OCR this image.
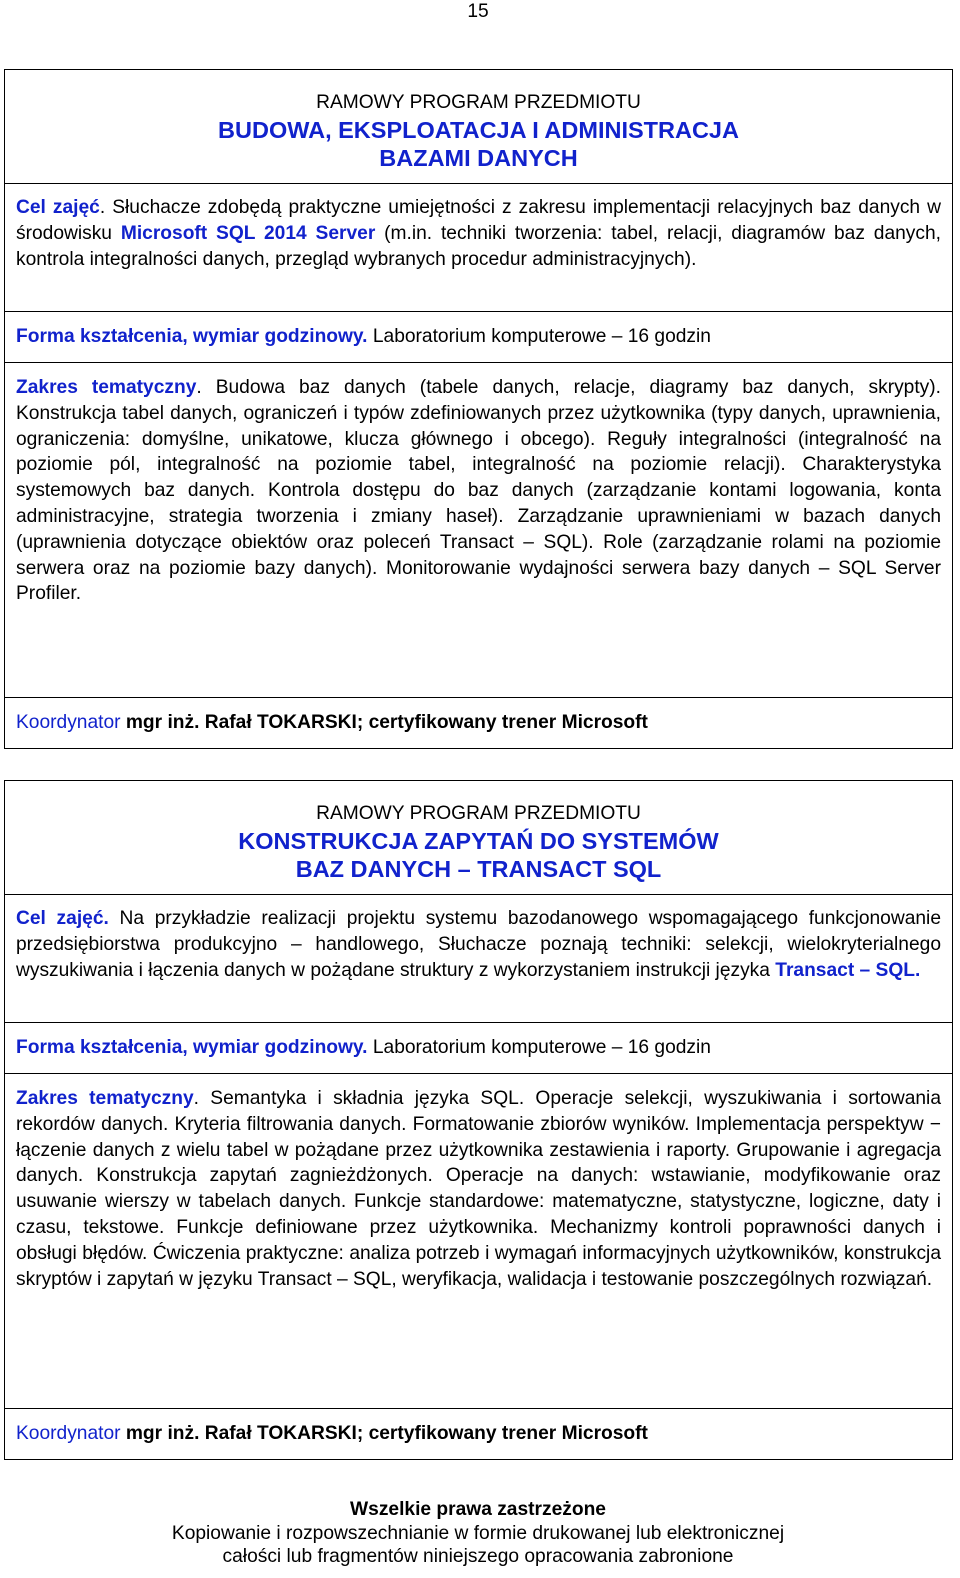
15
RAMOWY PROGRAM PRZEDMIOTU
BUDOWA, EKSPLOATACJA I ADMINISTRACJA
BAZAMI DANYCH
Cel zajęć. Słuchacze zdobędą praktyczne umiejętności z zakresu implementacji relacyjnych baz danych w środowisku Microsoft SQL 2014 Server (m.in. techniki tworzenia: tabel, relacji, diagramów baz danych, kontrola integralności danych, przegląd wybranych procedur administracyjnych).
Forma kształcenia, wymiar godzinowy. Laboratorium komputerowe – 16 godzin
Zakres tematyczny. Budowa baz danych (tabele danych, relacje, diagramy baz danych, skrypty). Konstrukcja tabel danych, ograniczeń i typów zdefiniowanych przez użytkownika (typy danych, uprawnienia, ograniczenia: domyślne, unikatowe, klucza głównego i obcego). Reguły integralności (integralność na poziomie pól, integralność na poziomie tabel, integralność na poziomie relacji). Charakterystyka systemowych baz danych. Kontrola dostępu do baz danych (zarządzanie kontami logowania, konta administracyjne, strategia tworzenia i zmiany haseł). Zarządzanie uprawnieniami w bazach danych (uprawnienia dotyczące obiektów oraz poleceń Transact – SQL). Role (zarządzanie rolami na poziomie serwera oraz na poziomie bazy danych). Monitorowanie wydajności serwera bazy danych – SQL Server Profiler.
Koordynator mgr inż. Rafał TOKARSKI; certyfikowany trener Microsoft
RAMOWY PROGRAM PRZEDMIOTU
KONSTRUKCJA ZAPYTAŃ DO SYSTEMÓW
BAZ DANYCH – TRANSACT SQL
Cel zajęć. Na przykładzie realizacji projektu systemu bazodanowego wspomagającego funkcjonowanie przedsiębiorstwa produkcyjno – handlowego, Słuchacze poznają techniki: selekcji, wielokryterialnego wyszukiwania i łączenia danych w pożądane struktury z wykorzystaniem instrukcji języka Transact – SQL.
Forma kształcenia, wymiar godzinowy. Laboratorium komputerowe – 16 godzin
Zakres tematyczny. Semantyka i składnia języka SQL. Operacje selekcji, wyszukiwania i sortowania rekordów danych. Kryteria filtrowania danych. Formatowanie zbiorów wyników. Implementacja perspektyw − łączenie danych z wielu tabel w pożądane przez użytkownika zestawienia i raporty. Grupowanie i agregacja danych. Konstrukcja zapytań zagnieżdżonych. Operacje na danych: wstawianie, modyfikowanie oraz usuwanie wierszy w tabelach danych. Funkcje standardowe: matematyczne, statystyczne, logiczne, daty i czasu, tekstowe. Funkcje definiowane przez użytkownika. Mechanizmy kontroli poprawności danych i obsługi błędów. Ćwiczenia praktyczne: analiza potrzeb i wymagań informacyjnych użytkowników, konstrukcja skryptów i zapytań w języku Transact – SQL, weryfikacja, walidacja i testowanie poszczególnych rozwiązań.
Koordynator mgr inż. Rafał TOKARSKI; certyfikowany trener Microsoft
Wszelkie prawa zastrzeżone
Kopiowanie i rozpowszechnianie w formie drukowanej lub elektronicznej
całości lub fragmentów niniejszego opracowania zabronione
